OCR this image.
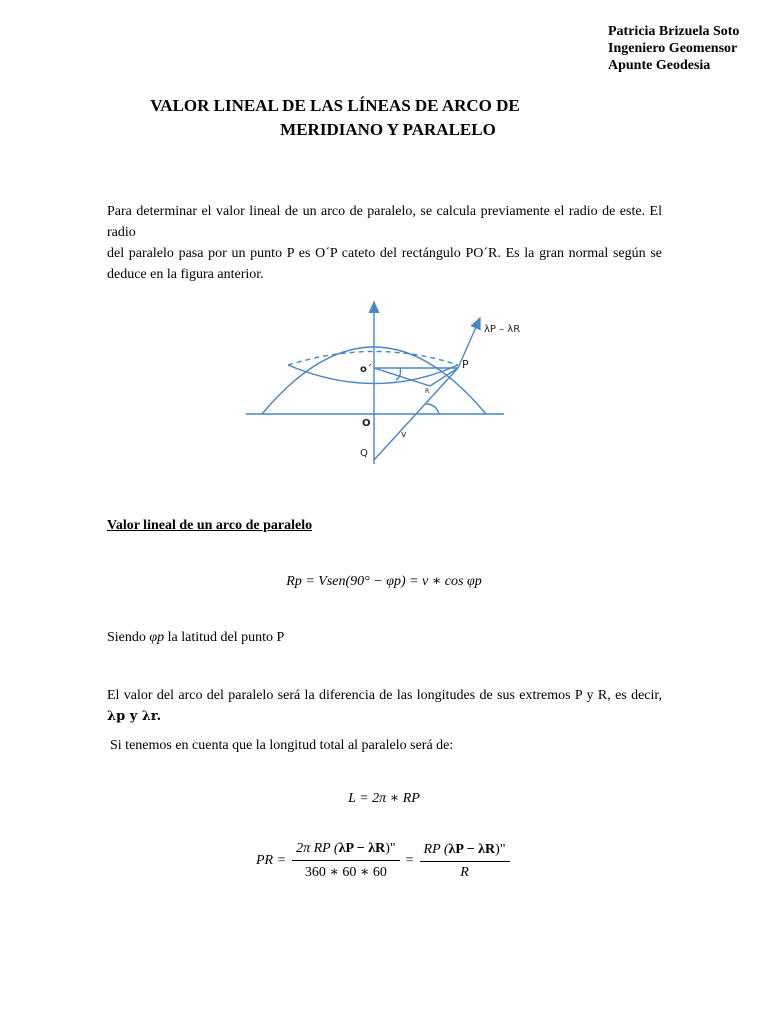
Patricia Brizuela Soto
Ingeniero Geomensor
Apunte Geodesia
VALOR LINEAL DE LAS LÍNEAS DE ARCO DE
MERIDIANO Y PARALELO
Para determinar el valor lineal de un arco de paralelo, se calcula previamente el radio de este. El radio
del paralelo pasa por un punto P es O´P cateto del rectángulo PO´R. Es la gran normal según se
deduce en la figura anterior.
λP – λR
P
o´
R
O
v
Q
Valor lineal de un arco de paralelo
Rp = Vsen(90° − φp) = v ∗ cos φp
Siendo φp la latitud del punto P
El valor del arco del paralelo será la diferencia de las longitudes de sus extremos P y R, es decir,
λp y λr.
Si tenemos en cuenta que la longitud total al paralelo será de:
L = 2π ∗ RP
PR = $\frac{\text{2π RP (λP − λR)"}}{360 ∗ 60 ∗ 60} = \frac{RP (\lambda P - \lambda R)"}{R}$
